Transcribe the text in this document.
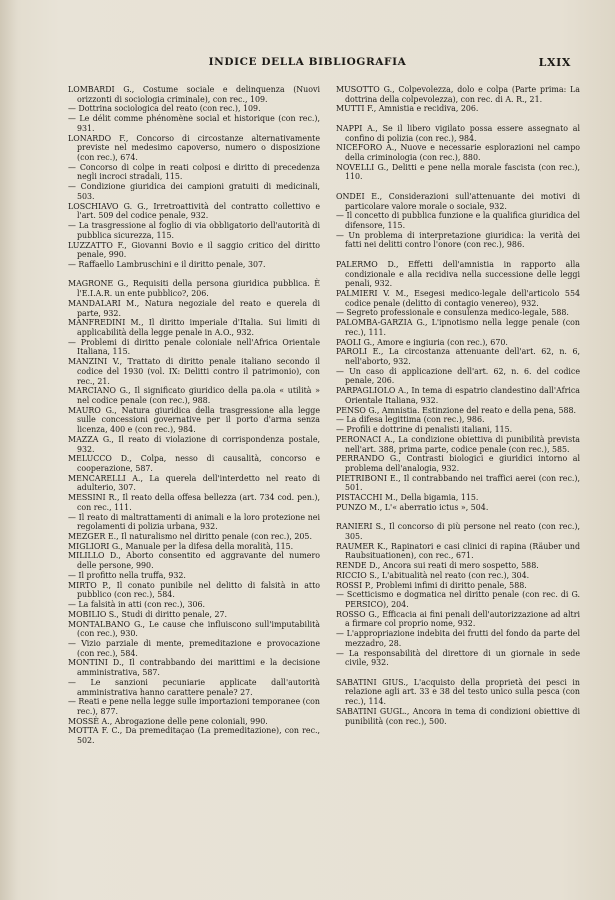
INDICE DELLA BIBLIOGRAFIA	LXIX

LOMBARDI G., Costume sociale e delinquenza (Nuovi orizzonti di sociologia criminale), con rec., 109.

— Dottrina sociologica del reato (con rec.), 109.

— Le délit comme phénomène social et historique (con rec.), 931.

LONARDO F., Concorso di circostanze alternativamente previste nel medesimo capoverso, numero o disposizione (con rec.), 674.

— Concorso di colpe in reati colposi e diritto di precedenza negli incroci stradali, 115.

— Condizione giuridica dei campioni gratuiti di medicinali, 503.

LOSCHIAVO G. G., Irretroattività del contratto collettivo e l'art. 509 del codice penale, 932.

— La trasgressione al foglio di via obbligatorio dell'autorità di pubblica sicurezza, 115.

LUZZATTO F., Giovanni Bovio e il saggio critico del diritto penale, 990.

— Raffaello Lambruschini e il diritto penale, 307.

MAGRONE G., Requisiti della persona giuridica pubblica. È l'E.I.A.R. un ente pubblico?, 206.

MANDALARI M., Natura negoziale del reato e querela di parte, 932.

MANFREDINI M., Il diritto imperiale d'Italia. Sui limiti di applicabilità della legge penale in A.O., 932.

— Problemi di diritto penale coloniale nell'Africa Orientale Italiana, 115.

MANZINI V., Trattato di diritto penale italiano secondo il codice del 1930 (vol. IX: Delitti contro il patrimonio), con rec., 21.

MARCIANO G., Il significato giuridico della pa.ola « utilità » nel codice penale (con rec.), 988.

MAURO G., Natura giuridica della trasgressione alla legge sulle concessioni governative per il porto d'arma senza licenza, 400 e (con rec.), 984.

MAZZA G., Il reato di violazione di corrispondenza postale, 932.

MELUCCO D., Colpa, nesso di causalità, concorso e cooperazione, 587.

MENCARELLI A., La querela dell'interdetto nel reato di adulterio, 307.

MESSINI R., Il reato della offesa bellezza (art. 734 cod. pen.), con rec., 111.

— Il reato di maltrattamenti di animali e la loro protezione nei regolamenti di polizia urbana, 932.

MEZGER E., Il naturalismo nel diritto penale (con rec.), 205.

MIGLIORI G., Manuale per la difesa della moralità, 115.

MILILLO D., Aborto consentito ed aggravante del numero delle persone, 990.

— Il profitto nella truffa, 932.

MIRTO P., Il conato punibile nel delitto di falsità in atto pubblico (con rec.), 584.

— La falsità in atti (con rec.), 306.

MOBILIO S., Studi di diritto penale, 27.

MONTALBANO G., Le cause che influiscono sull'imputabilità (con rec.), 930.

— Vizio parziale di mente, premeditazione e provocazione (con rec.), 584.

MONTINI D., Il contrabbando dei marittimi e la decisione amministrativa, 587.

— Le sanzioni pecuniarie applicate dall'autorità amministrativa hanno carattere penale? 27.

— Reati e pene nella legge sulle importazioni temporanee (con rec.), 877.

MOSSÈ A., Abrogazione delle pene coloniali, 990.

MOTTA F. C., Da premeditaçao (La premeditazione), con rec., 502.

MUSOTTO G., Colpevolezza, dolo e colpa (Parte prima: La dottrina della colpevolezza), con rec. di A. R., 21.

MUTTI F., Amnistia e recidiva, 206.

NAPPI A., Se il libero vigilato possa essere assegnato al confino di polizia (con rec.), 984.

NICEFORO A., Nuove e necessarie esplorazioni nel campo della criminologia (con rec.), 880.

NOVELLI G., Delitti e pene nella morale fascista (con rec.), 110.

ONDEI E., Considerazioni sull'attenuante dei motivi di particolare valore morale o sociale, 932.

— Il concetto di pubblica funzione e la qualifica giuridica del difensore, 115.

— Un problema di interpretazione giuridica: la verità dei fatti nei delitti contro l'onore (con rec.), 986.

PALERMO D., Effetti dell'amnistia in rapporto alla condizionale e alla recidiva nella successione delle leggi penali, 932.

PALMIERI V. M., Esegesi medico-legale dell'articolo 554 codice penale (delitto di contagio venereo), 932.

— Segreto professionale e consulenza medico-legale, 588.

PALOMBA-GARZIA G., L'ipnotismo nella legge penale (con rec.), 111.

PAOLI G., Amore e ingiuria (con rec.), 670.

PAROLI E., La circostanza attenuante dell'art. 62, n. 6, nell'aborto, 932.

— Un caso di applicazione dell'art. 62, n. 6. del codice penale, 206.

PARPAGLIOLO A., In tema di espatrio clandestino dall'Africa Orientale Italiana, 932.

PENSO G., Amnistia. Estinzione del reato e della pena, 588.

— La difesa legittima (con rec.), 986.

— Profili e dottrine di penalisti italiani, 115.

PERONACI A., La condizione obiettiva di punibilità prevista nell'art. 388, prima parte, codice penale (con rec.), 585.

PERRANDO G., Contrasti biologici e giuridici intorno al problema dell'analogia, 932.

PIETRIBONI E., Il contrabbando nei traffici aerei (con rec.), 501.

PISTACCHI M., Della bigamia, 115.

PUNZO M., L'« aberratio ictus », 504.

RANIERI S., Il concorso di più persone nel reato (con rec.), 305.

RAUMER K., Rapinatori e casi clinici di rapina (Räuber und Raubsituationen), con rec., 671.

RENDE D., Ancora sui reati di mero sospetto, 588.

RICCIO S., L'abitualità nel reato (con rec.), 304.

ROSSI P., Problemi infimi di diritto penale, 588.

— Scetticismo e dogmatica nel diritto penale (con rec. di G. PERSICO), 204.

ROSSO G., Efficacia ai fini penali dell'autorizzazione ad altri a firmare col proprio nome, 932.

— L'appropriazione indebita dei frutti del fondo da parte del mezzadro, 28.

— La responsabilità del direttore di un giornale in sede civile, 932.

SABATINI GIUS., L'acquisto della proprietà dei pesci in relazione agli art. 33 e 38 del testo unico sulla pesca (con rec.), 114.

SABATINI GUGL., Ancora in tema di condizioni obiettive di punibilità (con rec.), 500.
